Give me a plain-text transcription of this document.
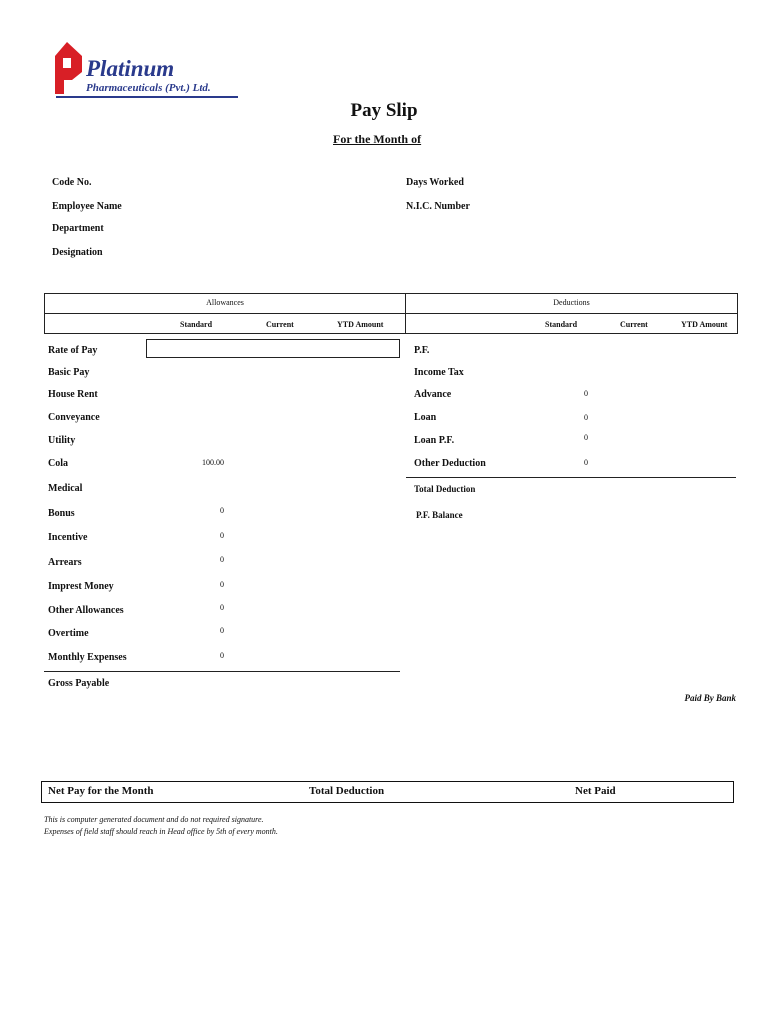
Platinum
Pharmaceuticals (Pvt.) Ltd.
Pay Slip
For the Month of
Code No.
Employee Name
Department
Designation
Days Worked
N.I.C. Number
Allowances	Deductions
Standard	Current	YTD Amount	Standard	Current	YTD Amount
Rate of Pay
Basic Pay
House Rent
Conveyance
Utility
Cola	100.00
Medical
Bonus	0
Incentive	0
Arrears	0
Imprest Money	0
Other Allowances	0
Overtime	0
Monthly Expenses	0
Gross Payable
P.F.
Income Tax
Advance	0
Loan	0
Loan P.F.	0
Other Deduction	0
Total Deduction
P.F. Balance
Paid By Bank
Net Pay for the Month	Total Deduction	Net Paid
This is computer generated document and do not required signature.
Expenses of field staff should reach in Head office by 5th of every month.
